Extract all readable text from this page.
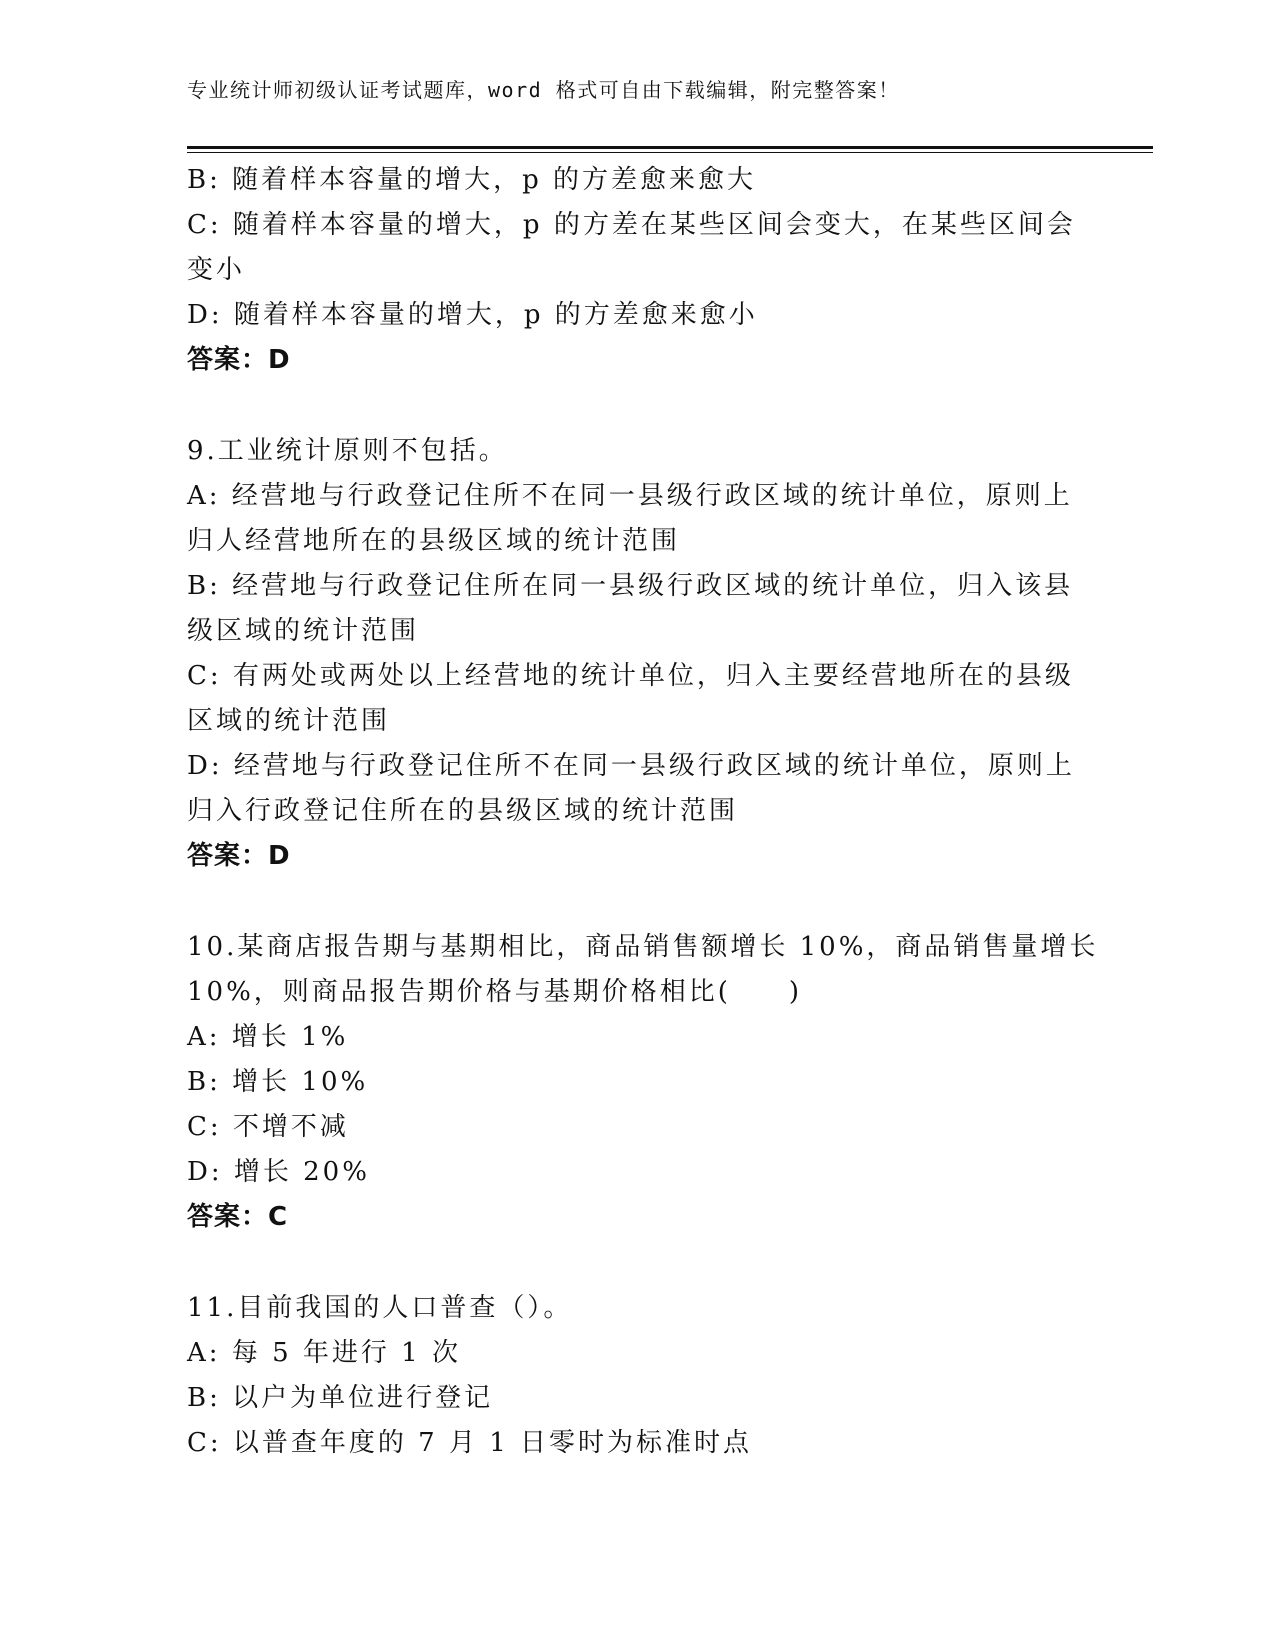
专业统计师初级认证考试题库，word 格式可自由下载编辑，附完整答案！
B: 随着样本容量的增大，p 的方差愈来愈大
C: 随着样本容量的增大，p 的方差在某些区间会变大，在某些区间会
变小
D: 随着样本容量的增大，p 的方差愈来愈小
答案：D
9.工业统计原则不包括。
A: 经营地与行政登记住所不在同一县级行政区域的统计单位，原则上
归人经营地所在的县级区域的统计范围
B: 经营地与行政登记住所在同一县级行政区域的统计单位，归入该县
级区域的统计范围
C: 有两处或两处以上经营地的统计单位，归入主要经营地所在的县级
区域的统计范围
D: 经营地与行政登记住所不在同一县级行政区域的统计单位，原则上
归入行政登记住所在的县级区域的统计范围
答案：D
10.某商店报告期与基期相比，商品销售额增长 10%，商品销售量增长
10%，则商品报告期价格与基期价格相比(　　)
A: 增长 1%
B: 增长 10%
C: 不增不减
D: 增长 20%
答案：C
11.目前我国的人口普查（）。
A: 每 5 年进行 1 次
B: 以户为单位进行登记
C: 以普查年度的 7 月 1 日零时为标准时点
